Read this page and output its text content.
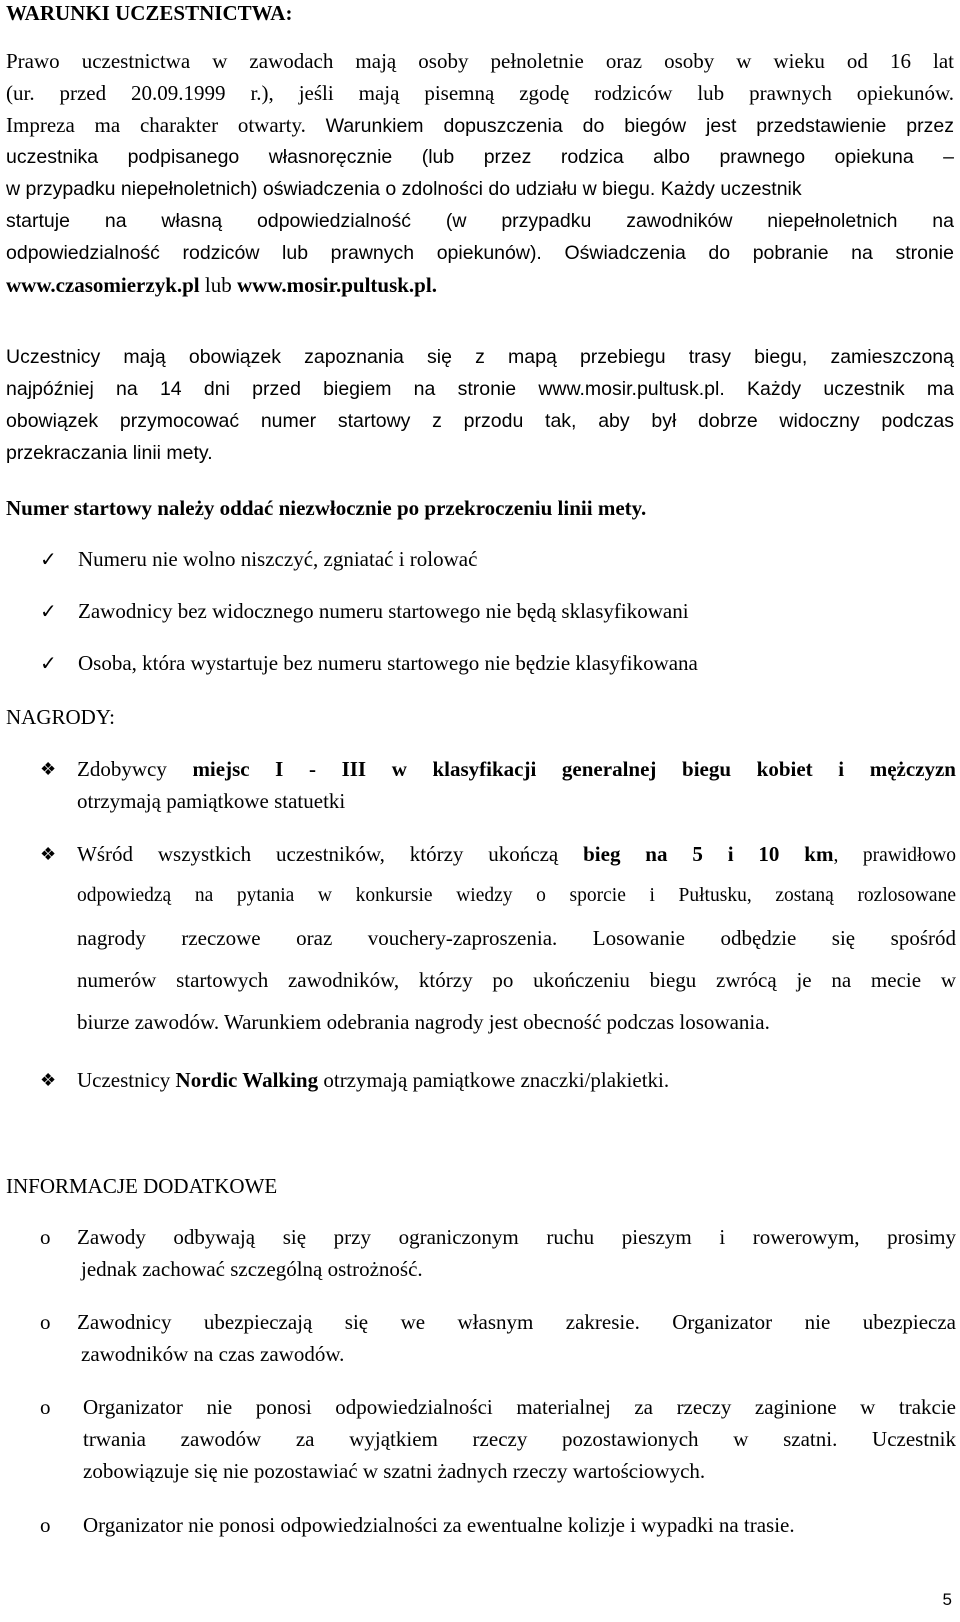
WARUNKI UCZESTNICTWA:
Prawo uczestnictwa w zawodach mają osoby pełnoletnie oraz osoby w wieku od 16 lat
(ur. przed 20.09.1999 r.), jeśli mają pisemną zgodę rodziców lub prawnych opiekunów.
Impreza ma charakter otwarty. Warunkiem dopuszczenia do biegów jest przedstawienie przez
uczestnika podpisanego własnoręcznie (lub przez rodzica albo prawnego opiekuna –
w przypadku niepełnoletnich) oświadczenia o zdolności do udziału w biegu. Każdy uczestnik
startuje na własną odpowiedzialność (w przypadku zawodników niepełnoletnich na
odpowiedzialność rodziców lub prawnych opiekunów). Oświadczenia do pobranie na stronie
www.czasomierzyk.pl lub www.mosir.pultusk.pl.
Uczestnicy mają obowiązek zapoznania się z mapą przebiegu trasy biegu, zamieszczoną
najpóźniej na 14 dni przed biegiem na stronie www.mosir.pultusk.pl. Każdy uczestnik ma
obowiązek przymocować numer startowy z przodu tak, aby był dobrze widoczny podczas
przekraczania linii mety.
Numer startowy należy oddać niezwłocznie po przekroczeniu linii mety.
✓ Numeru nie wolno niszczyć, zgniatać i rolować
✓ Zawodnicy bez widocznego numeru startowego nie będą sklasyfikowani
✓ Osoba, która wystartuje bez numeru startowego nie będzie klasyfikowana
NAGRODY:
❖ Zdobywcy miejsc I - III w klasyfikacji generalnej biegu kobiet i mężczyzn
otrzymają pamiątkowe statuetki
❖ Wśród wszystkich uczestników, którzy ukończą bieg na 5 i 10 km, prawidłowo
odpowiedzą na pytania w konkursie wiedzy o sporcie i Pułtusku, zostaną rozlosowane
nagrody rzeczowe oraz vouchery-zaproszenia. Losowanie odbędzie się spośród
numerów startowych zawodników, którzy po ukończeniu biegu zwrócą je na mecie w
biurze zawodów. Warunkiem odebrania nagrody jest obecność podczas losowania.
❖ Uczestnicy Nordic Walking otrzymają pamiątkowe znaczki/plakietki.
INFORMACJE DODATKOWE
o	Zawody odbywają się przy ograniczonym ruchu pieszym i rowerowym, prosimy
jednak zachować szczególną ostrożność.
o	Zawodnicy ubezpieczają się we własnym zakresie. Organizator nie ubezpiecza
zawodników na czas zawodów.
o	Organizator nie ponosi odpowiedzialności materialnej za rzeczy zaginione w trakcie
trwania zawodów za wyjątkiem rzeczy pozostawionych w szatni. Uczestnik
zobowiązuje się nie pozostawiać w szatni żadnych rzeczy wartościowych.
o	Organizator nie ponosi odpowiedzialności za ewentualne kolizje i wypadki na trasie.
5
